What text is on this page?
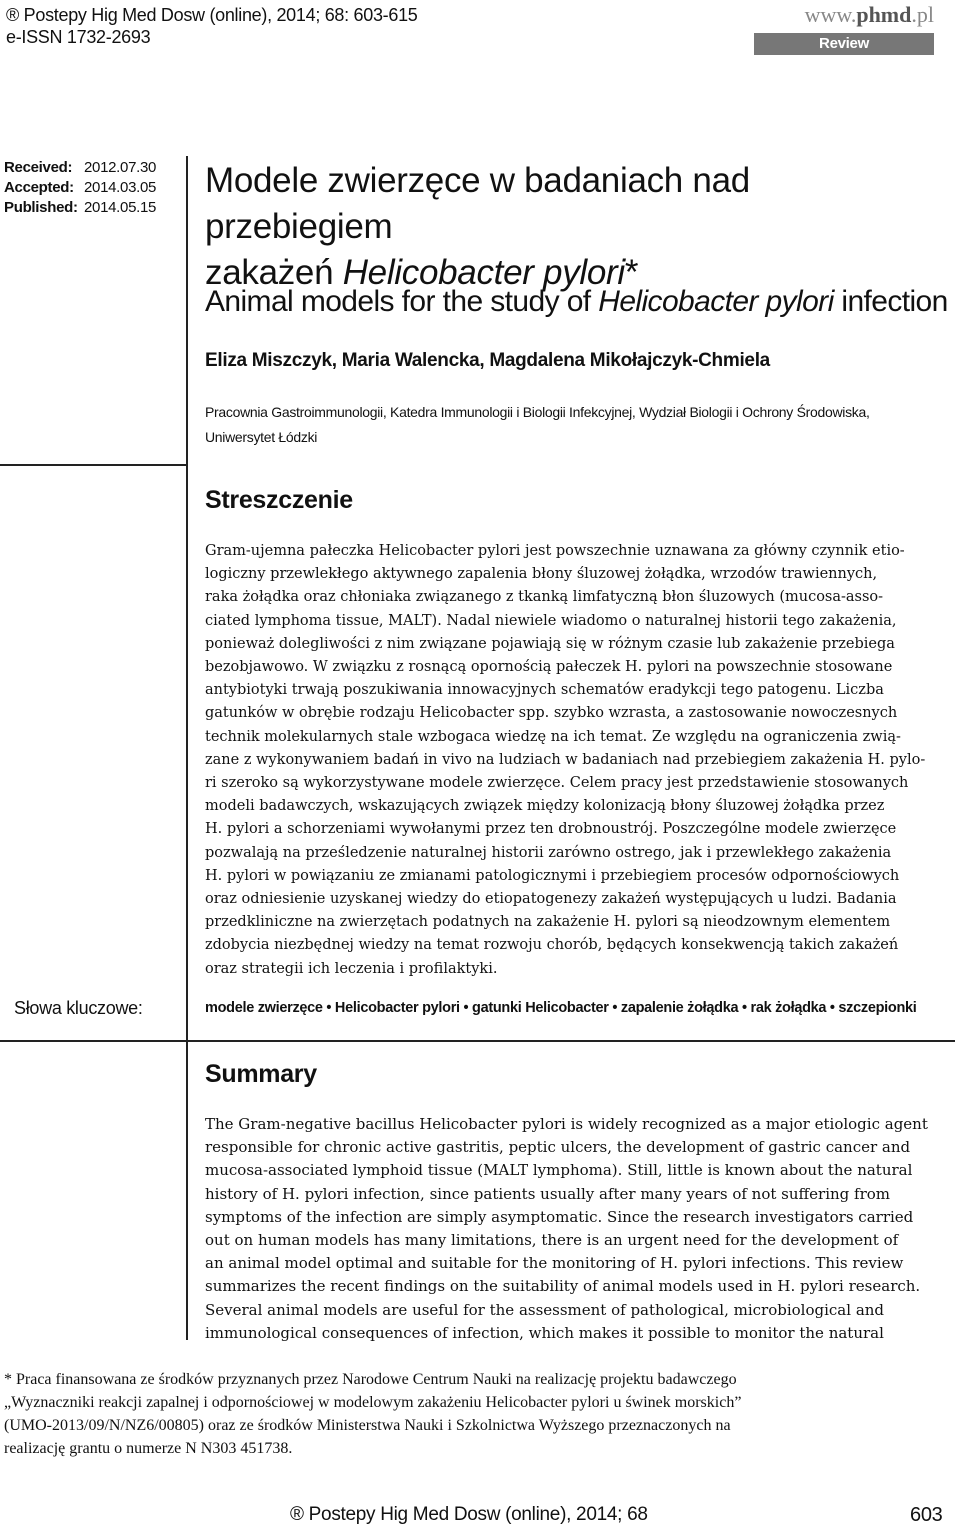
® Postepy Hig Med Dosw (online), 2014; 68: 603-615
e-ISSN 1732-2693
www.phmd.pl
Review
Received: 2012.07.30
Accepted: 2014.03.05
Published: 2014.05.15
Modele zwierzęce w badaniach nad przebiegiem
zakażeń Helicobacter pylori*
Animal models for the study of Helicobacter pylori infection
Eliza Miszczyk, Maria Walencka, Magdalena Mikołajczyk-Chmiela
Pracownia Gastroimmunologii, Katedra Immunologii i Biologii Infekcyjnej, Wydział Biologii i Ochrony Środowiska,
Uniwersytet Łódzki
Streszczenie
Gram-ujemna pałeczka Helicobacter pylori jest powszechnie uznawana za główny czynnik etio-
logiczny przewlekłego aktywnego zapalenia błony śluzowej żołądka, wrzodów trawiennych,
raka żołądka oraz chłoniaka związanego z tkanką limfatyczną błon śluzowych (mucosa-asso-
ciated lymphoma tissue, MALT). Nadal niewiele wiadomo o naturalnej historii tego zakażenia,
ponieważ dolegliwości z nim związane pojawiają się w różnym czasie lub zakażenie przebiega
bezobjawowo. W związku z rosnącą opornością pałeczek H. pylori na powszechnie stosowane
antybiotyki trwają poszukiwania innowacyjnych schematów eradykcji tego patogenu. Liczba
gatunków w obrębie rodzaju Helicobacter spp. szybko wzrasta, a zastosowanie nowoczesnych
technik molekularnych stale wzbogaca wiedzę na ich temat. Ze względu na ograniczenia zwią-
zane z wykonywaniem badań in vivo na ludziach w badaniach nad przebiegiem zakażenia H. pylo-
ri szeroko są wykorzystywane modele zwierzęce. Celem pracy jest przedstawienie stosowanych
modeli badawczych, wskazujących związek między kolonizacją błony śluzowej żołądka przez
H. pylori a schorzeniami wywołanymi przez ten drobnoustrój. Poszczególne modele zwierzęce
pozwalają na prześledzenie naturalnej historii zarówno ostrego, jak i przewlekłego zakażenia
H. pylori w powiązaniu ze zmianami patologicznymi i przebiegiem procesów odpornościowych
oraz odniesienie uzyskanej wiedzy do etiopatogenezy zakażeń występujących u ludzi. Badania
przedkliniczne na zwierzętach podatnych na zakażenie H. pylori są nieodzownym elementem
zdobycia niezbędnej wiedzy na temat rozwoju chorób, będących konsekwencją takich zakażeń
oraz strategii ich leczenia i profilaktyki.
Słowa kluczowe:	modele zwierzęce • Helicobacter pylori • gatunki Helicobacter • zapalenie żołądka • rak żołądka • szczepionki
Summary
The Gram-negative bacillus Helicobacter pylori is widely recognized as a major etiologic agent
responsible for chronic active gastritis, peptic ulcers, the development of gastric cancer and
mucosa-associated lymphoid tissue (MALT lymphoma). Still, little is known about the natural
history of H. pylori infection, since patients usually after many years of not suffering from
symptoms of the infection are simply asymptomatic. Since the research investigators carried
out on human models has many limitations, there is an urgent need for the development of
an animal model optimal and suitable for the monitoring of H. pylori infections. This review
summarizes the recent findings on the suitability of animal models used in H. pylori research.
Several animal models are useful for the assessment of pathological, microbiological and
immunological consequences of infection, which makes it possible to monitor the natural
* Praca finansowana ze środków przyznanych przez Narodowe Centrum Nauki na realizację projektu badawczego
„Wyznaczniki reakcji zapalnej i odpornościowej w modelowym zakażeniu Helicobacter pylori u świnek morskich”
(UMO-2013/09/N/NZ6/00805) oraz ze środków Ministerstwa Nauki i Szkolnictwa Wyższego przeznaczonych na
realizację grantu o numerze N N303 451738.
® Postepy Hig Med Dosw (online), 2014; 68	603
